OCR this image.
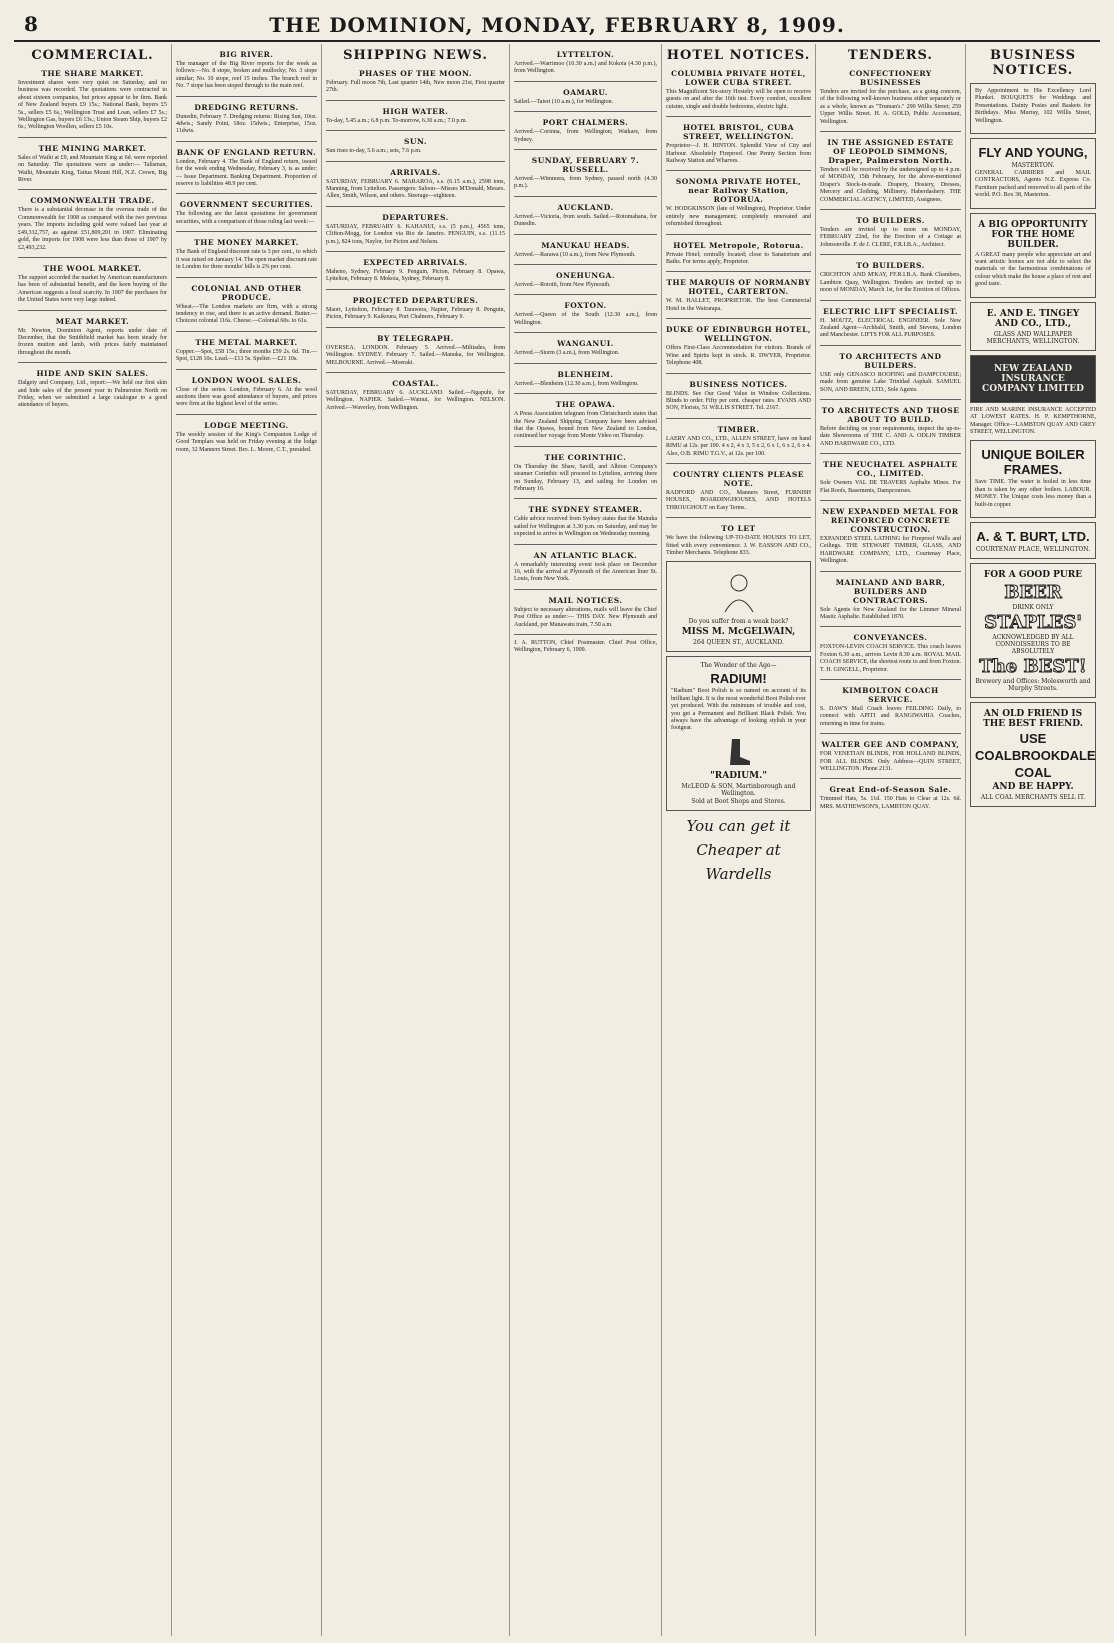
8	THE DOMINION, MONDAY, FEBRUARY 8, 1909.
COMMERCIAL.
THE SHARE MARKET.

Investment shares were very quiet on Saturday, and no business was recorded. The quotations were contracted to about sixteen companies, but prices appear to be firm. Bank of New Zealand buyers £9 15s.; National Bank, buyers £5 5s., sellers £5 6s.; Wellington Trust and Loan, sellers £7 5s.; Wellington Gas, buyers £6 13s.; Union Steam Ship, buyers £2 6s.; Wellington Woollen, sellers £5 10s.

THE MINING MARKET.

Sales of Waihi at £9, and Mountain King at 6d. were reported on Saturday. The quotations were as under:— Talisman, Waihi, Mountain King, Taitua Mount Hill, N.Z. Crown, Big River.

COMMONWEALTH TRADE.

There is a substantial decrease in the oversea trade of the Commonwealth for 1908 as compared with the two previous years. The imports including gold were valued last year at £49,332,757, as against £51,809,201 in 1907. Eliminating gold, the imports for 1908 were less than those of 1907 by £2,493,232.

THE WOOL MARKET.

The support accorded the market by American manufacturers has been of substantial benefit, and the keen buying of the American suggests a local scarcity. In 1907 the purchases for the United States were very large indeed.

MEAT MARKET.

Mr. Newton, Dominion Agent, reports under date of December, that the Smithfield market has been steady for frozen mutton and lamb, with prices fairly maintained throughout the month.

HIDE AND SKIN SALES.

Dalgety and Company, Ltd., report:—We held our first skin and hide sales of the present year in Palmerston North on Friday, when we submitted a large catalogue to a good attendance of buyers.

BIG RIVER.

The manager of the Big River reports for the week as follows:—No. 8 stope, broken and mullocky; No. 3 stope similar; No. 10 stope, reef 15 inches. The branch reef in No. 7 stope has been stoped through to the main reef.

DREDGING RETURNS.

Dunedin, February 7. Dredging returns: Rising Sun, 10oz. 4dwts.; Sandy Point, 18oz. 15dwts.; Enterprise, 15oz. 11dwts.

BANK OF ENGLAND RETURN.

London, February 4. The Bank of England return, issued for the week ending Wednesday, February 3, is as under:— Issue Department. Banking Department. Proportion of reserve to liabilities 48.9 per cent.

GOVERNMENT SECURITIES.

The following are the latest quotations for government securities, with a comparison of those ruling last week:—

THE MONEY MARKET.

The Bank of England discount rate is 3 per cent., to which it was raised on January 14. The open market discount rate in London for three months' bills is 2⅝ per cent.

COLONIAL AND OTHER PRODUCE.

Wheat.—The London markets are firm, with a strong tendency to rise, and there is an active demand. Butter.—Choicest colonial 116s. Cheese.—Colonial 60s. to 61s.

THE METAL MARKET.

Copper.—Spot, £58 15s.; three months £59 2s. 6d. Tin.—Spot, £128 10s. Lead.—£13 5s. Spelter.—£21 10s.

LONDON WOOL SALES.

Close of the series. London, February 6. At the wool auctions there was good attendance of buyers, and prices were firm at the highest level of the series.

LODGE MEETING.

The weekly session of the King's Companion Lodge of Good Templars was held on Friday evening at the lodge room, 32 Manners Street. Bro. L. Moore, C.T., presided.

SHIPPING NEWS.
PHASES OF THE MOON.

February. Full moon 7th, Last quarter 14th, New moon 21st, First quarter 27th.

HIGH WATER.

To-day, 5.45 a.m.; 6.8 p.m. To-morrow, 6.30 a.m.; 7.0 p.m.

SUN.

Sun rises to-day, 5.6 a.m.; sets, 7.6 p.m.

ARRIVALS.

SATURDAY, FEBRUARY 6. MARAROA, s.s. (6.15 a.m.), 2598 tons, Manning, from Lyttelton. Passengers: Saloon—Misses M'Donald, Messrs. Allen, Smith, Wilson, and others. Steerage—eighteen.

DEPARTURES.

SATURDAY, FEBRUARY 6. KAHANUI, s.s. (5 p.m.), 4565 tons, Clifton-Mogg, for London via Rio de Janeiro. PENGUIN, s.s. (11.15 p.m.), 824 tons, Naylor, for Picton and Nelson.

EXPECTED ARRIVALS.

Maheno, Sydney, February 9. Penguin, Picton, February 8. Opawa, Lyttelton, February 8. Mokoia, Sydney, February 8.

PROJECTED DEPARTURES.

Maori, Lyttelton, February 8. Tarawera, Napier, February 8. Penguin, Picton, February 9. Kaikoura, Port Chalmers, February 9.

BY TELEGRAPH.

OVERSEA. LONDON. February 5. Arrived.—Miltiades, from Wellington. SYDNEY. February 7. Sailed.—Manuka, for Wellington. MELBOURNE. Arrived.—Moeraki.

COASTAL.

SATURDAY, FEBRUARY 6. AUCKLAND. Sailed.—Ngapuhi, for Wellington. NAPIER. Sailed.—Wainui, for Wellington. NELSON. Arrived.—Waverley, from Wellington.

LYTTELTON.

Arrived.—Warrimoo (10.30 a.m.) and Kokoia (4.30 p.m.), from Wellington.

OAMARU.

Sailed.—Taieri (10 a.m.), for Wellington.

PORT CHALMERS.

Arrived.—Corinna, from Wellington; Waikare, from Sydney.

SUNDAY, FEBRUARY 7. RUSSELL.

Arrived.—Wimmera, from Sydney, passed north (4.30 p.m.).

AUCKLAND.

Arrived.—Victoria, from south. Sailed.—Rotomahana, for Dunedin.

MANUKAU HEADS.

Arrived.—Rarawa (10 a.m.), from New Plymouth.

ONEHUNGA.

Arrived.—Rotoiti, from New Plymouth.

FOXTON.

Arrived.—Queen of the South (12.30 a.m.), from Wellington.

WANGANUI.

Arrived.—Storm (3 a.m.), from Wellington.

BLENHEIM.

Arrived.—Blenheim (12.30 a.m.), from Wellington.

THE OPAWA.

A Press Association telegram from Christchurch states that the New Zealand Shipping Company have been advised that the Opawa, bound from New Zealand to London, continued her voyage from Monte Video on Thursday.

THE CORINTHIC.

On Thursday the Shaw, Savill, and Albion Company's steamer Corinthic will proceed to Lyttelton, arriving there on Sunday, February 13, and sailing for London on February 16.

THE SYDNEY STEAMER.

Cable advice received from Sydney states that the Manuka sailed for Wellington at 3.30 p.m. on Saturday, and may be expected to arrive in Wellington on Wednesday morning.

AN ATLANTIC BLACK.

A remarkably interesting event took place on December 16, with the arrival at Plymouth of the American liner St. Louis, from New York.

MAIL NOTICES.

Subject to necessary alterations, mails will leave the Chief Post Office as under:— THIS DAY. New Plymouth and Auckland, per Manawatu train, 7.50 a.m.

J. A. RUTTON, Chief Postmaster. Chief Post Office, Wellington, February 6, 1909.

HOTEL NOTICES.
COLUMBIA PRIVATE HOTEL, LOWER CUBA STREET.

This Magnificent Six-story Hostelry will be open to receive guests on and after the 16th inst. Every comfort, excellent cuisine, single and double bedrooms, electric light.

HOTEL BRISTOL, CUBA STREET, WELLINGTON.

Proprietor—J. H. HINTON. Splendid View of City and Harbour. Absolutely Fireproof. One Penny Section from Railway Station and Wharves.

SONOMA PRIVATE HOTEL, near Railway Station, ROTORUA.

W. HODGKINSON (late of Wellington), Proprietor. Under entirely new management; completely renovated and refurnished throughout.

HOTEL Metropole, Rotorua.

Private Hotel; centrally located; close to Sanatorium and Baths. For terms apply, Proprietor.

THE MARQUIS OF NORMANBY HOTEL, CARTERTON.

W. M. HALLET, PROPRIETOR. The best Commercial Hotel in the Wairarapa.

DUKE OF EDINBURGH HOTEL, WELLINGTON.

Offers First-Class Accommodation for visitors. Brands of Wine and Spirits kept in stock. R. DWYER, Proprietor. Telephone 408.

BUSINESS NOTICES.

BLINDS. See Our Good Value in Window Collections. Blinds to order. Fifty per cent. cheaper rates. EVANS AND SON, Florists, 51 WILLIS STREET. Tel. 2167.

TIMBER.

LAERY AND CO., LTD., ALLEN STREET, have on hand RIMU at 12s. per 100. 4 x 2, 4 x 3, 5 x 2, 6 x 1, 6 x 2, 6 x 4. Also, O.B. RIMU T.G.V., at 12s. per 100.

COUNTRY CLIENTS PLEASE NOTE.

RADFORD AND CO., Manners Street, FURNISH HOUSES, BOARDINGHOUSES, AND HOTELS THROUGHOUT on Easy Terms.

TO LET

We have the following UP-TO-DATE HOUSES TO LET, fitted with every convenience. J. W. EASSON AND CO., Timber Merchants. Telephone 833.

Do you suffer from a weak back?
MISS M. McGELWAIN,
264 QUEEN ST., AUCKLAND.
The Wonder of the Age—
RADIUM!

"Radium" Boot Polish is so named on account of its brilliant light. It is the most wonderful Boot Polish ever yet produced. With the minimum of trouble and cost, you get a Permanent and Brilliant Black Polish. You always have the advantage of looking stylish in your footgear.

"RADIUM."
McLEOD & SON, Martinborough and Wellington.
Sold at Boot Shops and Stores.
You can get it
Cheaper at
Wardells
TENDERS.
CONFECTIONERY BUSINESSES

Tenders are invited for the purchase, as a going concern, of the following well-known business either separately or as a whole, known as "Truman's." 290 Willis Street; 259 Upper Willis Street. H. A. GOLD, Public Accountant, Wellington.

IN THE ASSIGNED ESTATE OF LEOPOLD SIMMONS, Draper, Palmerston North.

Tenders will be received by the undersigned up to 4 p.m. of MONDAY, 15th February, for the above-mentioned Draper's Stock-in-trade. Drapery, Hosiery, Dresses, Mercery and Clothing, Millinery, Haberdashery. THE COMMERCIAL AGENCY, LIMITED, Assignees.

TO BUILDERS.

Tenders are invited up to noon on MONDAY, FEBRUARY 22nd, for the Erection of a Cottage at Johnsonville. F. de J. CLERE, F.R.I.B.A., Architect.

TO BUILDERS.

CRICHTON AND M'KAY, FF.R.I.B.A. Bank Chambers, Lambton Quay, Wellington. Tenders are invited up to noon of MONDAY, March 1st, for the Erection of Offices.

ELECTRIC LIFT SPECIALIST.

H. MOUTZ, ELECTRICAL ENGINEER. Sole New Zealand Agent—Archbald, Smith, and Stevens, London and Manchester. LIFTS FOR ALL PURPOSES.

TO ARCHITECTS AND BUILDERS.

USE only GENASCO ROOFING and DAMPCOURSE; made from genuine Lake Trinidad Asphalt. SAMUEL SON, AND BREEN, LTD., Sole Agents.

TO ARCHITECTS AND THOSE ABOUT TO BUILD.

Before deciding on your requirements, inspect the up-to-date Showrooms of THE C. AND A. ODLIN TIMBER AND HARDWARE CO., LTD.

THE NEUCHATEL ASPHALTE CO., LIMITED.

Sole Owners VAL DE TRAVERS Asphalte Mines. For Flat Roofs, Basements, Dampcourses.

NEW EXPANDED METAL FOR REINFORCED CONCRETE CONSTRUCTION.

EXPANDED STEEL LATHING for Fireproof Walls and Ceilings. THE STEWART TIMBER, GLASS, AND HARDWARE COMPANY, LTD., Courtenay Place, Wellington.

MAINLAND AND BARR, BUILDERS AND CONTRACTORS.

Sole Agents for New Zealand for the Limmer Mineral Mastic Asphalte. Established 1870.

CONVEYANCES.

FOXTON-LEVIN COACH SERVICE. This coach leaves Foxton 6.30 a.m., arrives Levin 8.30 a.m. ROYAL MAIL COACH SERVICE, the shortest route to and from Foxton. T. H. GINGELL, Proprietor.

KIMBOLTON COACH SERVICE.

S. DAW'S Mail Coach leaves FEILDING Daily, to connect with APITI and RANGIWAHIA Coaches, returning in time for trains.

WALTER GEE AND COMPANY,

FOR VENETIAN BLINDS, FOR HOLLAND BLINDS, FOR ALL BLINDS. Only Address—QUIN STREET, WELLINGTON. Phone 2131.

Great End-of-Season Sale.

Trimmed Hats, 5s. 11d. 150 Hats to Clear at 12s. 6d. MRS. MATHEWSON'S, LAMBTON QUAY.

BUSINESS NOTICES.

By Appointment to His Excellency Lord Plunket. BOUQUETS for Weddings and Presentations. Dainty Posies and Baskets for Birthdays. Miss Murray, 102 Willis Street, Wellington.

FLY AND YOUNG,
MASTERTON.

GENERAL CARRIERS and MAIL CONTRACTORS, Agents N.Z. Express Co. Furniture packed and removed to all parts of the world. P.O. Box 38, Masterton.

A BIG OPPORTUNITY FOR THE HOME BUILDER.

A GREAT many people who appreciate art and want artistic homes are not able to select the materials or the harmonious combinations of colour which make the house a place of rest and good taste.

E. AND E. TINGEY AND CO., LTD.,
GLASS AND WALLPAPER MERCHANTS, WELLINGTON.
NEW ZEALAND INSURANCE COMPANY LIMITED

FIRE AND MARINE INSURANCE ACCEPTED AT LOWEST RATES. H. P. KEMPTHORNE, Manager. Office—LAMBTON QUAY AND GREY STREET, WELLINGTON.

UNIQUE BOILER FRAMES.

Save TIME. The water is boiled in less time than is taken by any other boilers. LABOUR. MONEY. The Unique costs less money than a built-in copper.

A. & T. BURT, LTD.
COURTENAY PLACE, WELLINGTON.
FOR A GOOD PURE
BEER
DRINK ONLY
STAPLES'
ACKNOWLEDGED BY ALL CONNOISSEURS TO BE ABSOLUTELY
The BEST!
Brewery and Offices: Molesworth and Murphy Streets.
AN OLD FRIEND IS THE BEST FRIEND.
USE
COALBROOKDALE
COAL
AND BE HAPPY.
ALL COAL MERCHANTS SELL IT.
